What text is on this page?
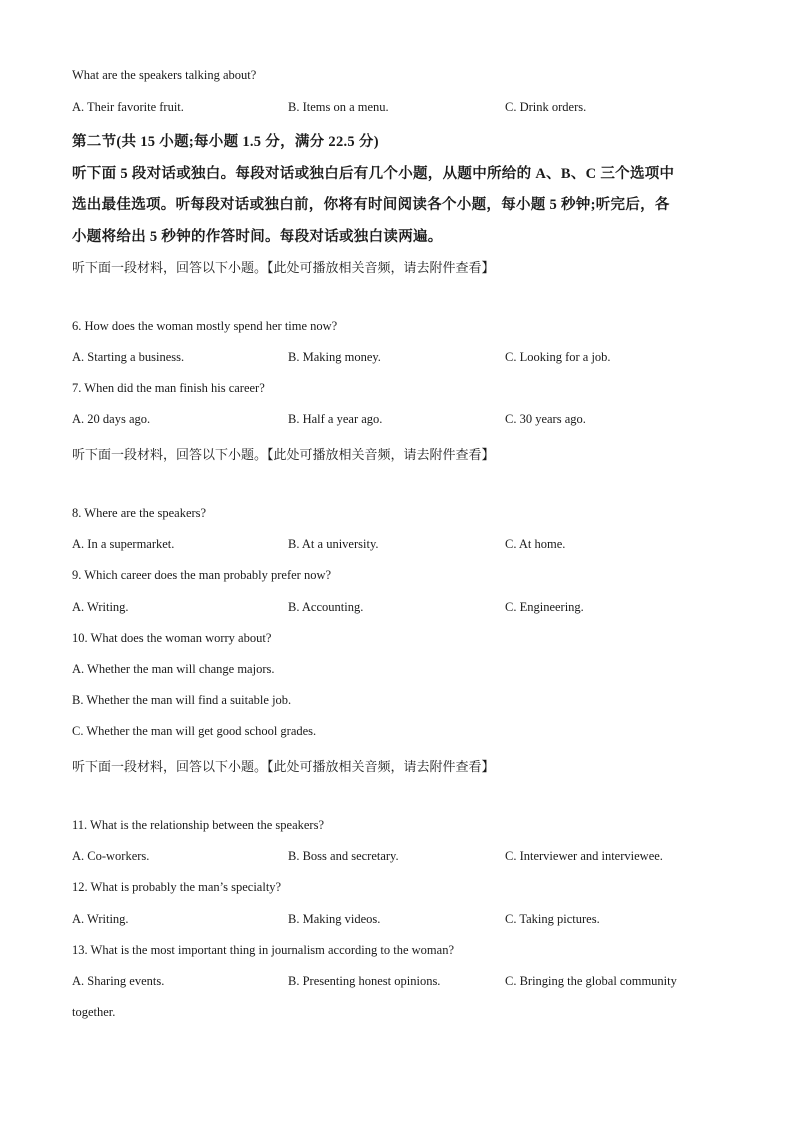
What are the speakers talking about?
A. Their favorite fruit.	B. Items on a menu.	C. Drink orders.
第二节(共 15 小题;每小题 1.5 分，满分 22.5 分)
听下面 5 段对话或独白。每段对话或独白后有几个小题，从题中所给的 A、B、C 三个选项中
选出最佳选项。听每段对话或独白前，你将有时间阅读各个小题，每小题 5 秒钟;听完后，各
小题将给出 5 秒钟的作答时间。每段对话或独白读两遍。
听下面一段材料，回答以下小题。【此处可播放相关音频，请去附件查看】
6. How does the woman mostly spend her time now?
A. Starting a business.	B. Making money.	C. Looking for a job.
7. When did the man finish his career?
A. 20 days ago.	B. Half a year ago.	C. 30 years ago.
听下面一段材料，回答以下小题。【此处可播放相关音频，请去附件查看】
8. Where are the speakers?
A. In a supermarket.	B. At a university.	C. At home.
9. Which career does the man probably prefer now?
A. Writing.	B. Accounting.	C. Engineering.
10. What does the woman worry about?
A. Whether the man will change majors.
B. Whether the man will find a suitable job.
C. Whether the man will get good school grades.
听下面一段材料，回答以下小题。【此处可播放相关音频，请去附件查看】
11. What is the relationship between the speakers?
A. Co-workers.	B. Boss and secretary.	C. Interviewer and interviewee.
12. What is probably the man’s specialty?
A. Writing.	B. Making videos.	C. Taking pictures.
13. What is the most important thing in journalism according to the woman?
A. Sharing events.	B. Presenting honest opinions.	C. Bringing the global community
together.
